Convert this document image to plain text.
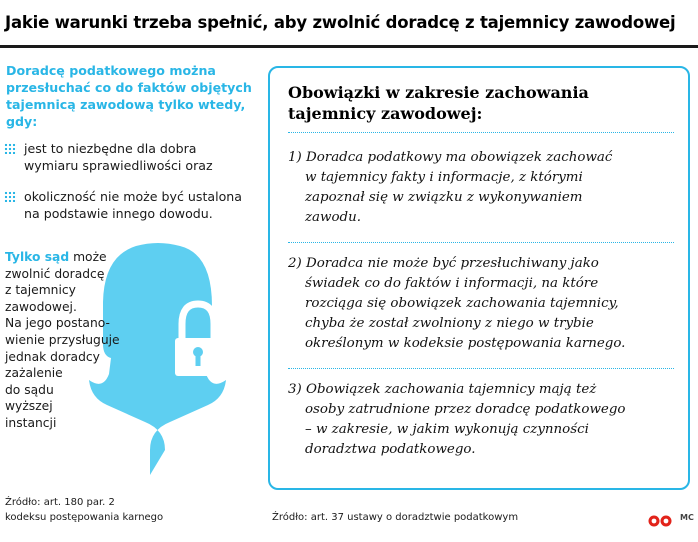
Jakie warunki trzeba spełnić, aby zwolnić doradcę z tajemnicy zawodowej
Doradcę podatkowego można przesłuchać co do faktów objętych tajemnicą zawodową tylko wtedy, gdy:
jest to niezbędne dla dobra
wymiaru sprawiedliwości oraz
okoliczność nie może być ustalona
na podstawie innego dowodu.
Tylko sąd może
zwolnić doradcę
z tajemnicy
zawodowej.
Na jego postano-
wienie przysługuje
jednak doradcy
zażalenie
do sądu
wyższej
instancji
Obowiązki w zakresie zachowania tajemnicy zawodowej:
1) Doradca podatkowy ma obowiązek zachować
w tajemnicy fakty i informacje, z którymi
zapoznał się w związku z wykonywaniem
zawodu.
2) Doradca nie może być przesłuchiwany jako
świadek co do faktów i informacji, na które
rozciąga się obowiązek zachowania tajemnicy,
chyba że został zwolniony z niego w trybie
określonym w kodeksie postępowania karnego.
3) Obowiązek zachowania tajemnicy mają też
osoby zatrudnione przez doradcę podatkowego
– w zakresie, w jakim wykonują czynności
doradztwa podatkowego.
Źródło: art. 180 par. 2
kodeksu postępowania karnego	Źródło: art. 37 ustawy o doradztwie podatkowym	MC
